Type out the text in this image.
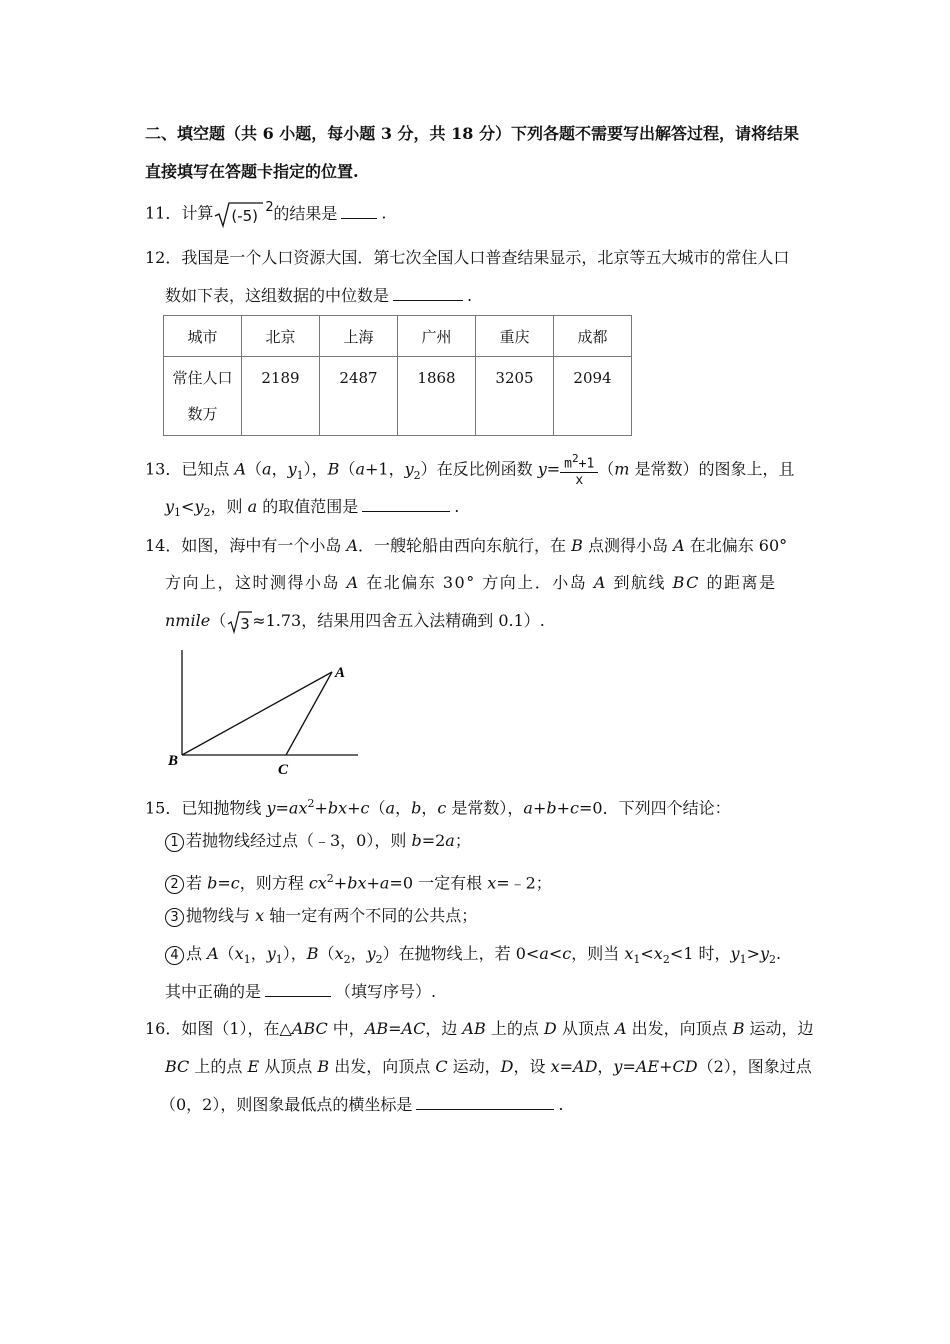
二、填空题（共 6 小题，每小题 3 分，共 18 分）下列各题不需要写出解答过程，请将结果
直接填写在答题卡指定的位置.
11．计算 (-5) 2 的结果是	.
12．我国是一个人口资源大国．第七次全国人口普查结果显示，北京等五大城市的常住人口
数如下表，这组数据的中位数是	.
城市	北京	上海	广州	重庆	成都

常住人口
数万	2189	2487	1868	3205	2094
13．已知点 A（a，$y_1$），B（a+1，$y_2$）在反比例函数 $y= \frac{m^2+1}{x} (m$ 是常数）的图象上，且
$y_1<y_2$，则 a 的取值范围是	.
14．如图，海中有一个小岛 A．一艘轮船由西向东航行，在 B 点测得小岛 A 在北偏东 60°
方向上，这时测得小岛 A 在北偏东 30° 方向上．小岛 A 到航线 BC 的距离是
nmile（ 3 ≈1.73，结果用四舍五入法精确到 0.1）.
A
B
C
15．已知抛物线 $y=ax^2+bx+c(a$，b，c 是常数），a+b+c=0．下列四个结论：
1 若抛物线经过点（﹣3，0），则 b=2a；
2 若 b=c，则方程 $cx^2+bx+a=0$ 一定有根 x=﹣2；
3 抛物线与 x 轴一定有两个不同的公共点；
4 点 $A(x_1$，$y_1$），$B(x_2$，$y_2$）在抛物线上，若 0<a<c，则当 $x_1<x_2<1$ 时，$y_1>y_2$.
其中正确的是	（填写序号）.
16．如图（1），在△ABC 中，AB=AC，边 AB 上的点 D 从顶点 A 出发，向顶点 B 运动，边
BC 上的点 E 从顶点 B 出发，向顶点 C 运动，D，设 x=AD，y=AE+CD（2），图象过点
（0，2），则图象最低点的横坐标是	.
